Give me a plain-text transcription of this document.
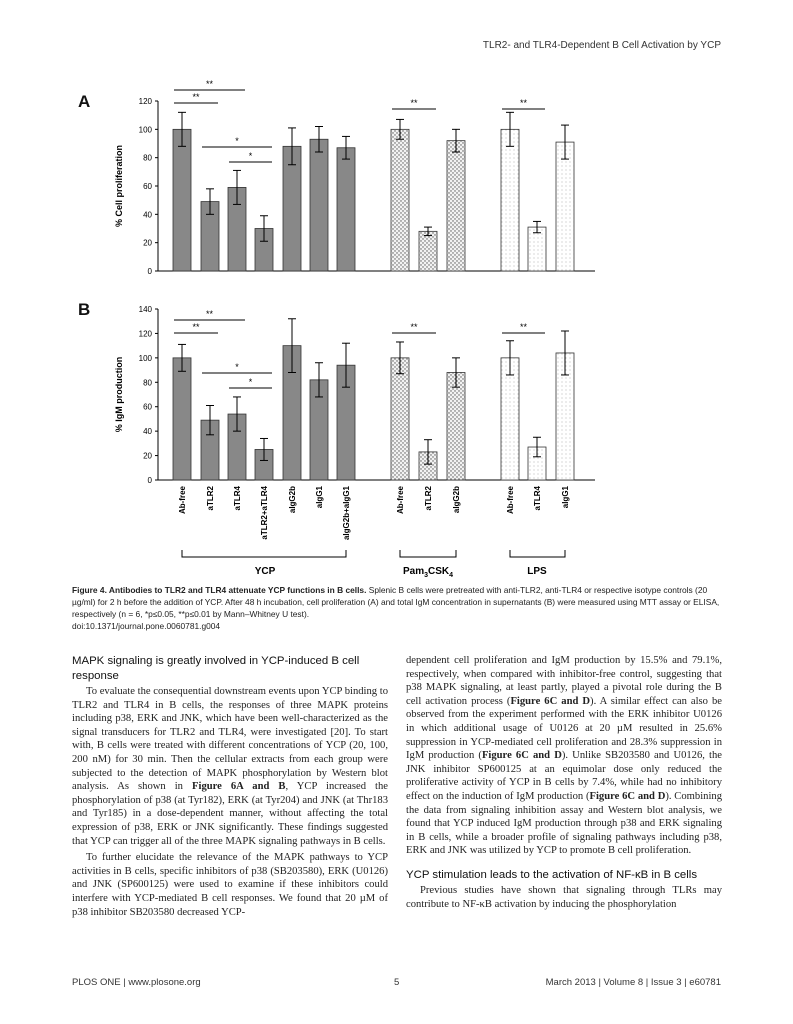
TLR2- and TLR4-Dependent B Cell Activation by YCP
A
B
0
20
40
60
80
100
120
% Cell proliferation
**
**
*
*
**	**
0
20
40
60
80
100
120
140
% IgM production
**
**
*
*
**	**
Ab-free aTLR2 aTLR4 aTLR2+aTLR4 aIgG2b aIgG1 aIgG2b+aIgG1	Ab-free aTLR2 aIgG2b	Ab-free aTLR4 aIgG1
YCP	$Pam_3CSK_4$	LPS
Figure 4. Antibodies to TLR2 and TLR4 attenuate YCP functions in B cells. Splenic B cells were pretreated with anti-TLR2, anti-TLR4 or respective isotype controls (20 µg/ml) for 2 h before the addition of YCP. After 48 h incubation, cell proliferation (A) and total IgM concentration in supernatants (B) were measured using MTT assay or ELISA, respectively (n = 6, *p≤0.05, **p≤0.01 by Mann–Whitney U test).
doi:10.1371/journal.pone.0060781.g004
MAPK signaling is greatly involved in YCP-induced B cell response

To evaluate the consequential downstream events upon YCP binding to TLR2 and TLR4 in B cells, the responses of three MAPK proteins including p38, ERK and JNK, which have been well-characterized as the signal transducers for TLR2 and TLR4, were investigated [20]. To start with, B cells were treated with different concentrations of YCP (20, 100, 200 nM) for 30 min. Then the cellular extracts from each group were subjected to the detection of MAPK phosphorylation by Western blot analysis. As shown in Figure 6A and B, YCP increased the phosphorylation of p38 (at Tyr182), ERK (at Tyr204) and JNK (at Thr183 and Tyr185) in a dose-dependent manner, without affecting the total expression of p38, ERK or JNK significantly. These findings suggested that YCP can trigger all of the three MAPK signaling pathways in B cells.

To further elucidate the relevance of the MAPK pathways to YCP activities in B cells, specific inhibitors of p38 (SB203580), ERK (U0126) and JNK (SP600125) were used to examine if these inhibitors could interfere with YCP-mediated B cell responses. We found that 20 µM of p38 inhibitor SB203580 decreased YCP-

dependent cell proliferation and IgM production by 15.5% and 79.1%, respectively, when compared with inhibitor-free control, suggesting that p38 MAPK signaling, at least partly, played a pivotal role during the B cell activation process (Figure 6C and D). A similar effect can also be observed from the experiment performed with the ERK inhibitor U0126 in which additional usage of U0126 at 20 µM resulted in 25.6% suppression in YCP-mediated cell proliferation and 28.3% suppression in IgM production (Figure 6C and D). Unlike SB203580 and U0126, the JNK inhibitor SP600125 at an equimolar dose only reduced the proliferative activity of YCP in B cells by 7.4%, while had no inhibitory effect on the induction of IgM production (Figure 6C and D). Combining the data from signaling inhibition assay and Western blot analysis, we found that YCP induced IgM production through p38 and ERK signaling in B cells, while a broader profile of signaling pathways including p38, ERK and JNK was utilized by YCP to promote B cell proliferation.

YCP stimulation leads to the activation of NF-κB in B cells

Previous studies have shown that signaling through TLRs may contribute to NF-κB activation by inducing the phosphorylation

PLOS ONE | www.plosone.org	5	March 2013 | Volume 8 | Issue 3 | e60781
